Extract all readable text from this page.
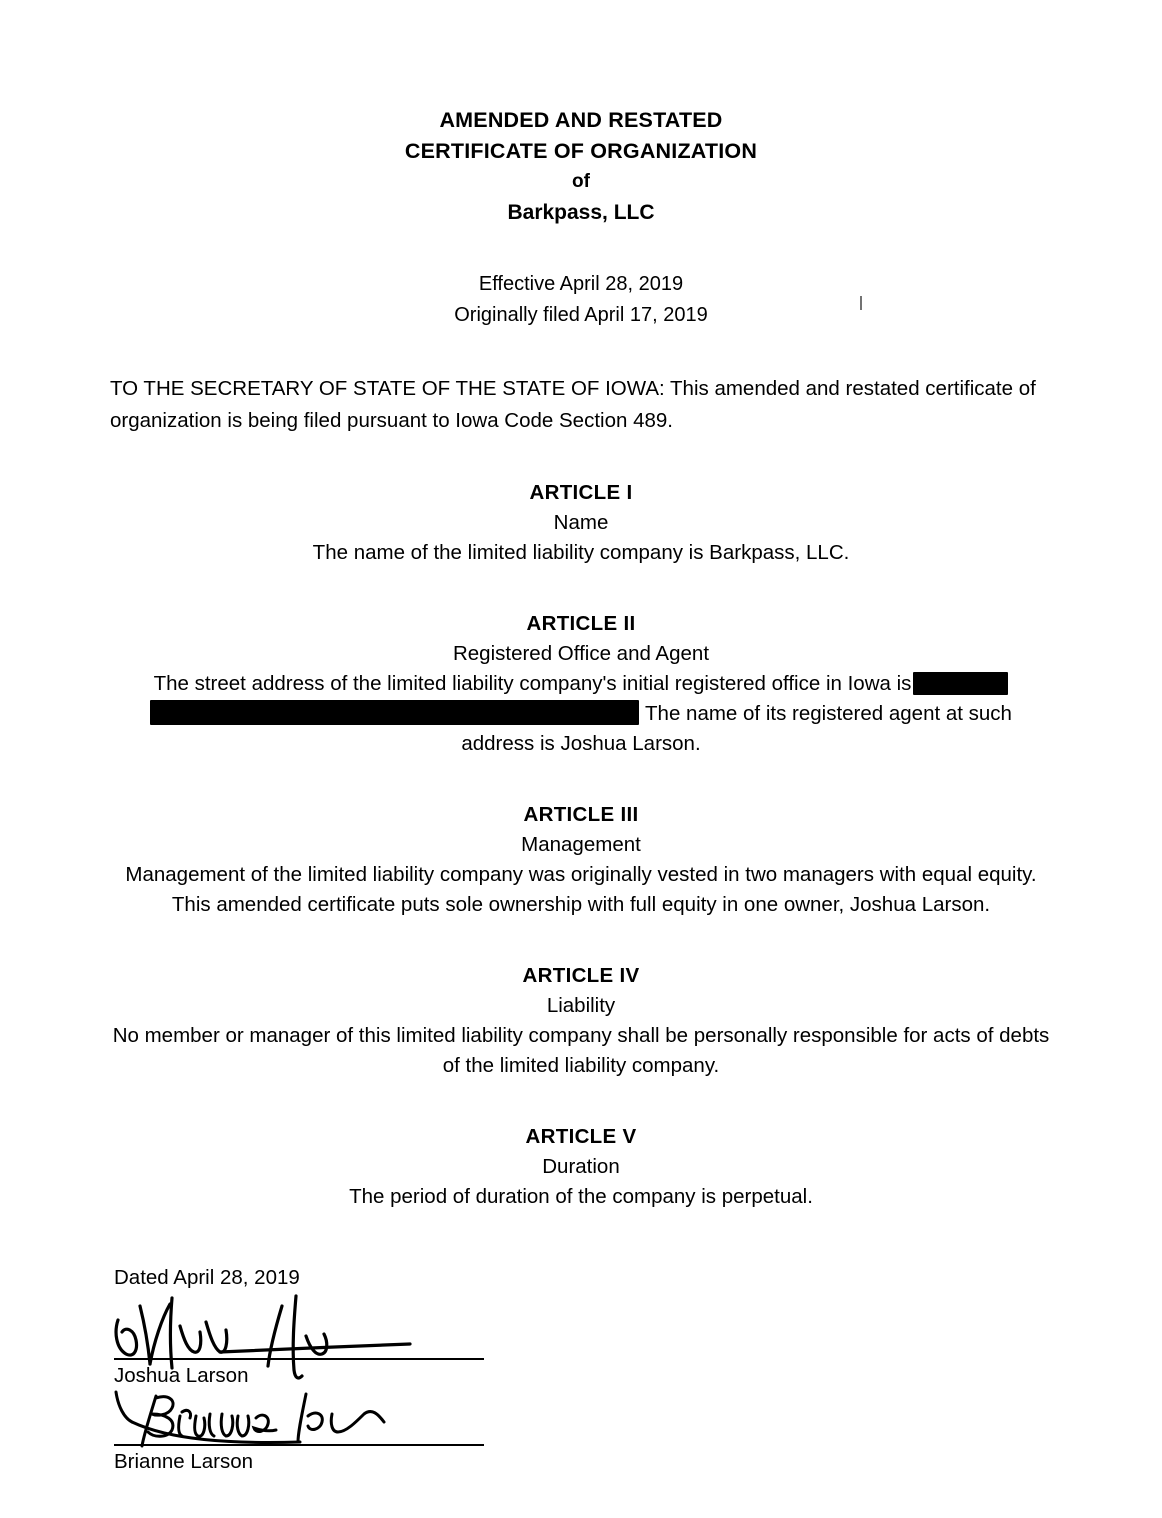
AMENDED AND RESTATED
CERTIFICATE OF ORGANIZATION
of
Barkpass, LLC
Effective April 28, 2019
Originally filed April 17, 2019
TO THE SECRETARY OF STATE OF THE STATE OF IOWA: This amended and restated certificate of organization is being filed pursuant to Iowa Code Section 489.
ARTICLE I
Name
The name of the limited liability company is Barkpass, LLC.
ARTICLE II
Registered Office and Agent
The street address of the limited liability company's initial registered office in Iowa is
The name of its registered agent at such
address is Joshua Larson.
ARTICLE III
Management
Management of the limited liability company was originally vested in two managers with equal equity. This amended certificate puts sole ownership with full equity in one owner, Joshua Larson.
ARTICLE IV
Liability
No member or manager of this limited liability company shall be personally responsible for acts of debts of the limited liability company.
ARTICLE V
Duration
The period of duration of the company is perpetual.
Dated April 28, 2019
Joshua Larson
Brianne Larson
